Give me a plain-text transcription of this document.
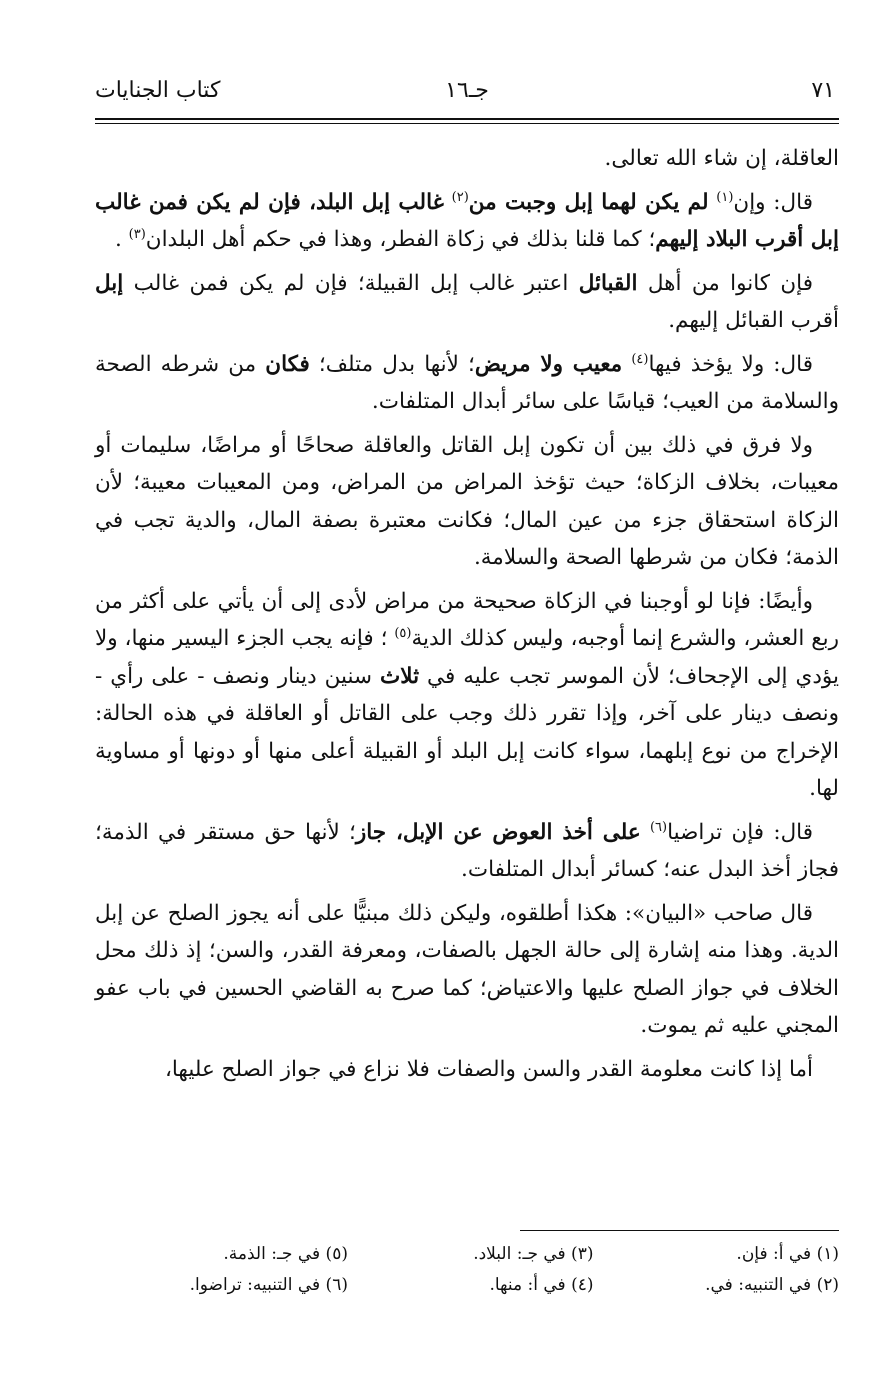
٧١
جـ١٦
كتاب الجنايات

العاقلة، إن شاء الله تعالى.

قال: وإن$^{(١)}$ لم يكن لهما إبل وجبت من$^{(٢)}$ غالب إبل البلد، فإن لم يكن فمن غالب إبل أقرب البلاد إليهم؛ كما قلنا بذلك في زكاة الفطر، وهذا في حكم أهل البلدان$^{(٣)}$ .

فإن كانوا من أهل القبائل اعتبر غالب إبل القبيلة؛ فإن لم يكن فمن غالب إبل أقرب القبائل إليهم.

قال: ولا يؤخذ فيها$^{(٤)}$ معيب ولا مريض؛ لأنها بدل متلف؛ فكان من شرطه الصحة والسلامة من العيب؛ قياسًا على سائر أبدال المتلفات.

ولا فرق في ذلك بين أن تكون إبل القاتل والعاقلة صحاحًا أو مراضًا، سليمات أو معيبات، بخلاف الزكاة؛ حيث تؤخذ المراض من المراض، ومن المعيبات معيبة؛ لأن الزكاة استحقاق جزء من عين المال؛ فكانت معتبرة بصفة المال، والدية تجب في الذمة؛ فكان من شرطها الصحة والسلامة.

وأيضًا: فإنا لو أوجبنا في الزكاة صحيحة من مراض لأدى إلى أن يأتي على أكثر من ربع العشر، والشرع إنما أوجبه، وليس كذلك الدية$^{(٥)}$ ؛ فإنه يجب الجزء اليسير منها، ولا يؤدي إلى الإجحاف؛ لأن الموسر تجب عليه في ثلاث سنين دينار ونصف - على رأي - ونصف دينار على آخر، وإذا تقرر ذلك وجب على القاتل أو العاقلة في هذه الحالة: الإخراج من نوع إبلهما، سواء كانت إبل البلد أو القبيلة أعلى منها أو دونها أو مساوية لها.

قال: فإن تراضيا$^{(٦)}$ على أخذ العوض عن الإبل، جاز؛ لأنها حق مستقر في الذمة؛ فجاز أخذ البدل عنه؛ كسائر أبدال المتلفات.

قال صاحب «البيان»: هكذا أطلقوه، وليكن ذلك مبنيًّا على أنه يجوز الصلح عن إبل الدية. وهذا منه إشارة إلى حالة الجهل بالصفات، ومعرفة القدر، والسن؛ إذ ذلك محل الخلاف في جواز الصلح عليها والاعتياض؛ كما صرح به القاضي الحسين في باب عفو المجني عليه ثم يموت.

أما إذا كانت معلومة القدر والسن والصفات فلا نزاع في جواز الصلح عليها،

(١) في أ: فإن.
(٣) في جـ: البلاد.
(٥) في جـ: الذمة.
(٢) في التنبيه: في.
(٤) في أ: منها.
(٦) في التنبيه: تراضوا.
